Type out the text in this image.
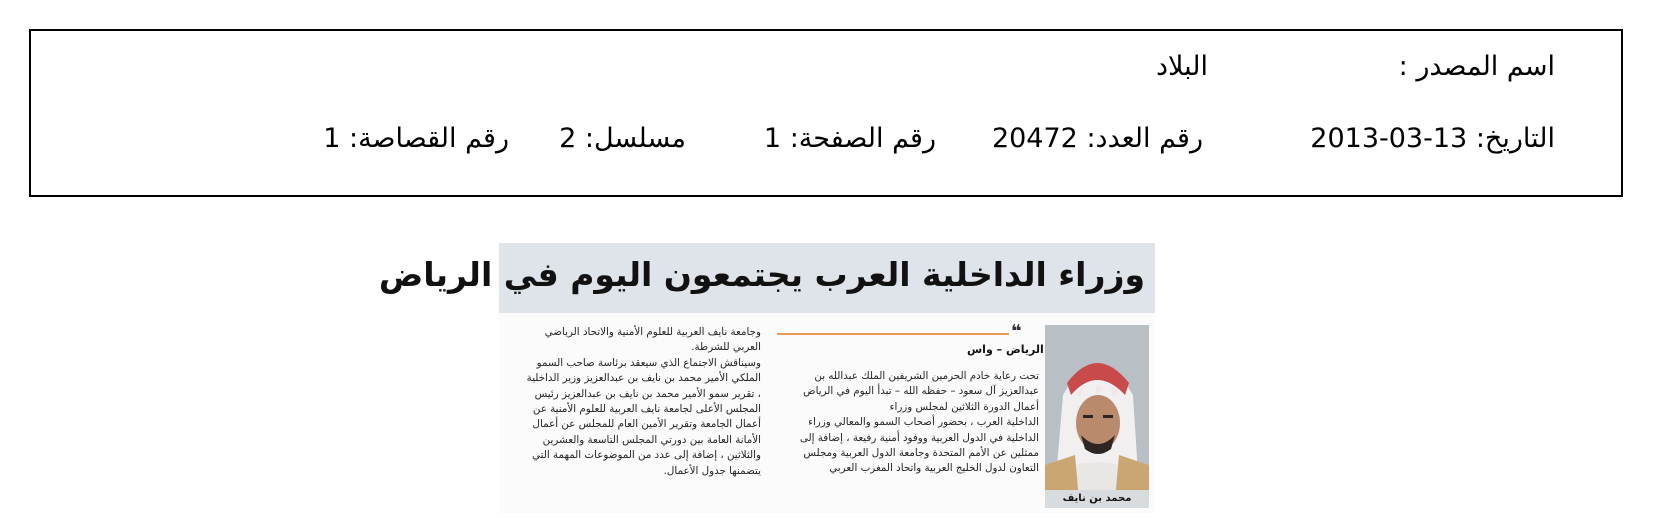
اسم المصدر :
البلاد
التاريخ: 2013-03-13
رقم العدد: 20472
رقم الصفحة: 1
مسلسل: 2
رقم القصاصة: 1
وزراء الداخلية العرب يجتمعون اليوم في الرياض
وجامعة نايف العربية للعلوم الأمنية والاتحاد الرياضي
العربي للشرطة.
وسيناقش الاجتماع الذي سيعقد برئاسة صاحب السمو
الملكي الأمير محمد بن نايف بن عبدالعزيز وزير الداخلية
، تقرير سمو الأمير محمد بن نايف بن عبدالعزيز رئيس
المجلس الأعلى لجامعة نايف العربية للعلوم الأمنية عن
أعمال الجامعة وتقرير الأمين العام للمجلس عن أعمال
الأمانة العامة بين دورتي المجلس التاسعة والعشرين
والثلاثين ، إضافة إلى عدد من الموضوعات المهمة التي
يتضمنها جدول الأعمال.
❝
الرياض – واس
تحت رعاية خادم الحرمين الشريفين الملك عبدالله بن
عبدالعزيز آل سعود – حفظه الله – تبدأ اليوم في الرياض
أعمال الدورة الثلاثين لمجلس وزراء
الداخلية العرب ، بحضور أصحاب السمو والمعالي وزراء
الداخلية في الدول العربية ووفود أمنية رفيعة ، إضافة إلى
ممثلين عن الأمم المتحدة وجامعة الدول العربية ومجلس
التعاون لدول الخليج العربية واتحاد المغرب العربي
محمد بن نايف
